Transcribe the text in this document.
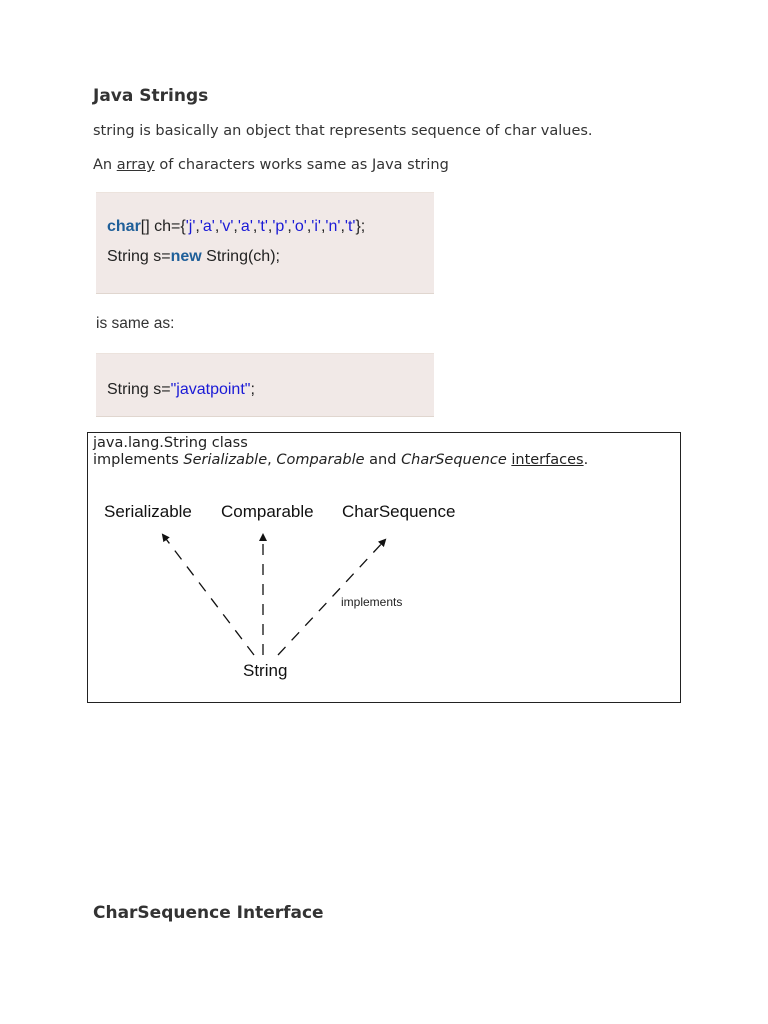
Java Strings
string is basically an object that represents sequence of char values.
An array of characters works same as Java string
char[] ch={'j','a','v','a','t','p','o','i','n','t'};
String s=new String(ch);
is same as:
String s="javatpoint";
java.lang.String class
implements Serializable, Comparable and CharSequence interfaces.
Serializable Comparable CharSequence
implements
String
CharSequence Interface
